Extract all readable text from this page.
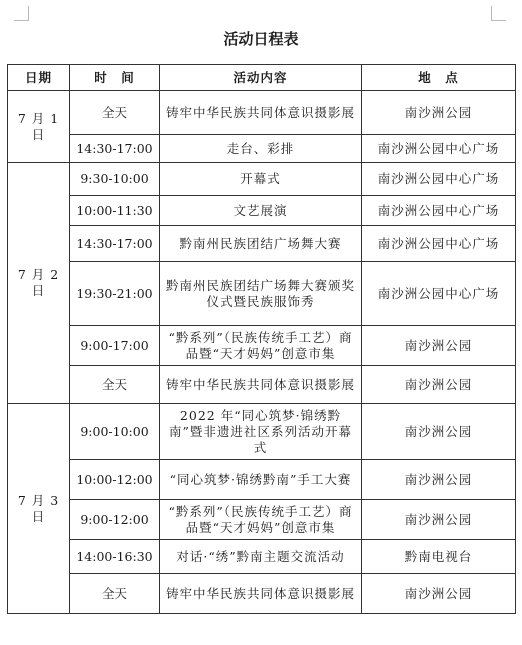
活动日程表
日期	时　间	活动内容	地　点
7 月 1 日	全天	铸牢中华民族共同体意识摄影展	南沙洲公园
	14:30-17:00	走台、彩排	南沙洲公园中心广场
7 月 2 日	9:30-10:00	开幕式	南沙洲公园中心广场
	10:00-11:30	文艺展演	南沙洲公园中心广场
	14:30-17:00	黔南州民族团结广场舞大赛	南沙洲公园中心广场
	19:30-21:00	黔南州民族团结广场舞大赛颁奖仪式暨民族服饰秀	南沙洲公园中心广场
	9:00-17:00	“黔系列”（民族传统手工艺）商品暨“天才妈妈”创意市集	南沙洲公园
	全天	铸牢中华民族共同体意识摄影展	南沙洲公园
7 月 3 日	9:00-10:00	2022 年“同心筑梦·锦绣黔南”暨非遗进社区系列活动开幕式	南沙洲公园
	10:00-12:00	“同心筑梦·锦绣黔南”手工大赛	南沙洲公园
	9:00-12:00	“黔系列”（民族传统手工艺）商品暨“天才妈妈”创意市集	南沙洲公园
	14:00-16:30	对话·“绣”黔南主题交流活动	黔南电视台
	全天	铸牢中华民族共同体意识摄影展	南沙洲公园
